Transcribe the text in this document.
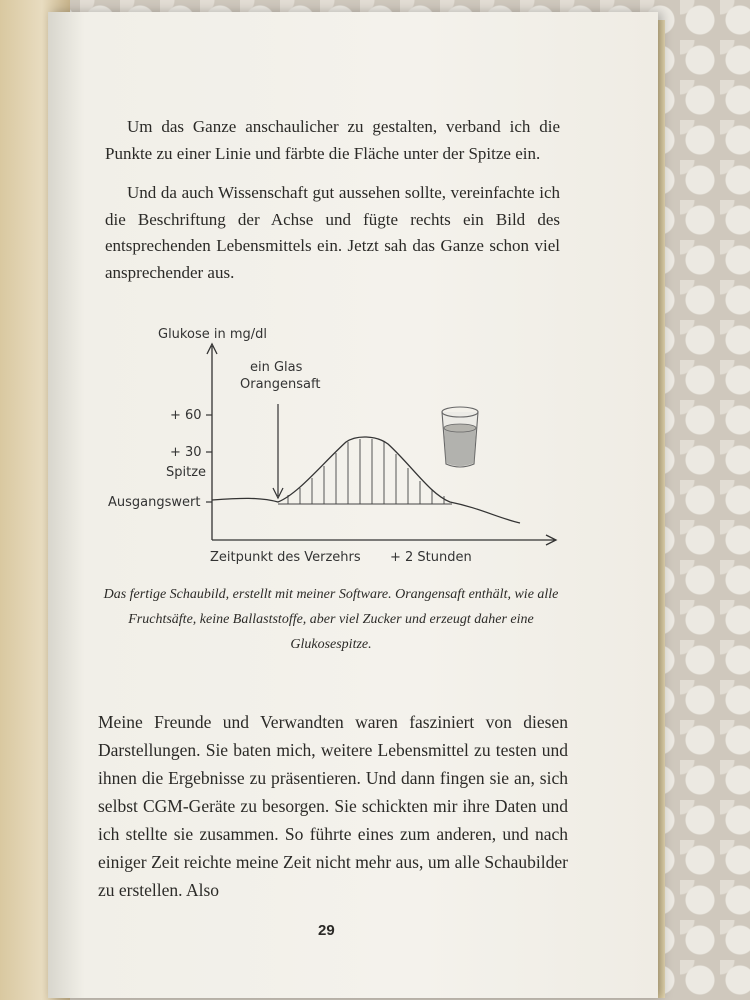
Um das Ganze anschaulicher zu gestalten, verband ich die Punkte zu einer Linie und färbte die Fläche unter der Spitze ein.

Und da auch Wissenschaft gut aussehen sollte, vereinfachte ich die Beschriftung der Achse und fügte rechts ein Bild des entsprechenden Lebensmittels ein. Jetzt sah das Ganze schon viel ansprechender aus.

Glukose in mg/dl
ein Glas
Orangensaft
+ 60
+ 30
Spitze
Ausgangswert
Zeitpunkt des Verzehrs + 2 Stunden

Das fertige Schaubild, erstellt mit meiner Software. Orangensaft enthält, wie alle Fruchtsäfte, keine Ballaststoffe, aber viel Zucker und erzeugt daher eine Glukosespitze.

Meine Freunde und Verwandten waren fasziniert von diesen Darstellungen. Sie baten mich, weitere Lebensmittel zu testen und ihnen die Ergebnisse zu präsentieren. Und dann fingen sie an, sich selbst CGM-Geräte zu besorgen. Sie schickten mir ihre Daten und ich stellte sie zusammen. So führte eines zum anderen, und nach einiger Zeit reichte meine Zeit nicht mehr aus, um alle Schaubilder zu erstellen. Also

29
